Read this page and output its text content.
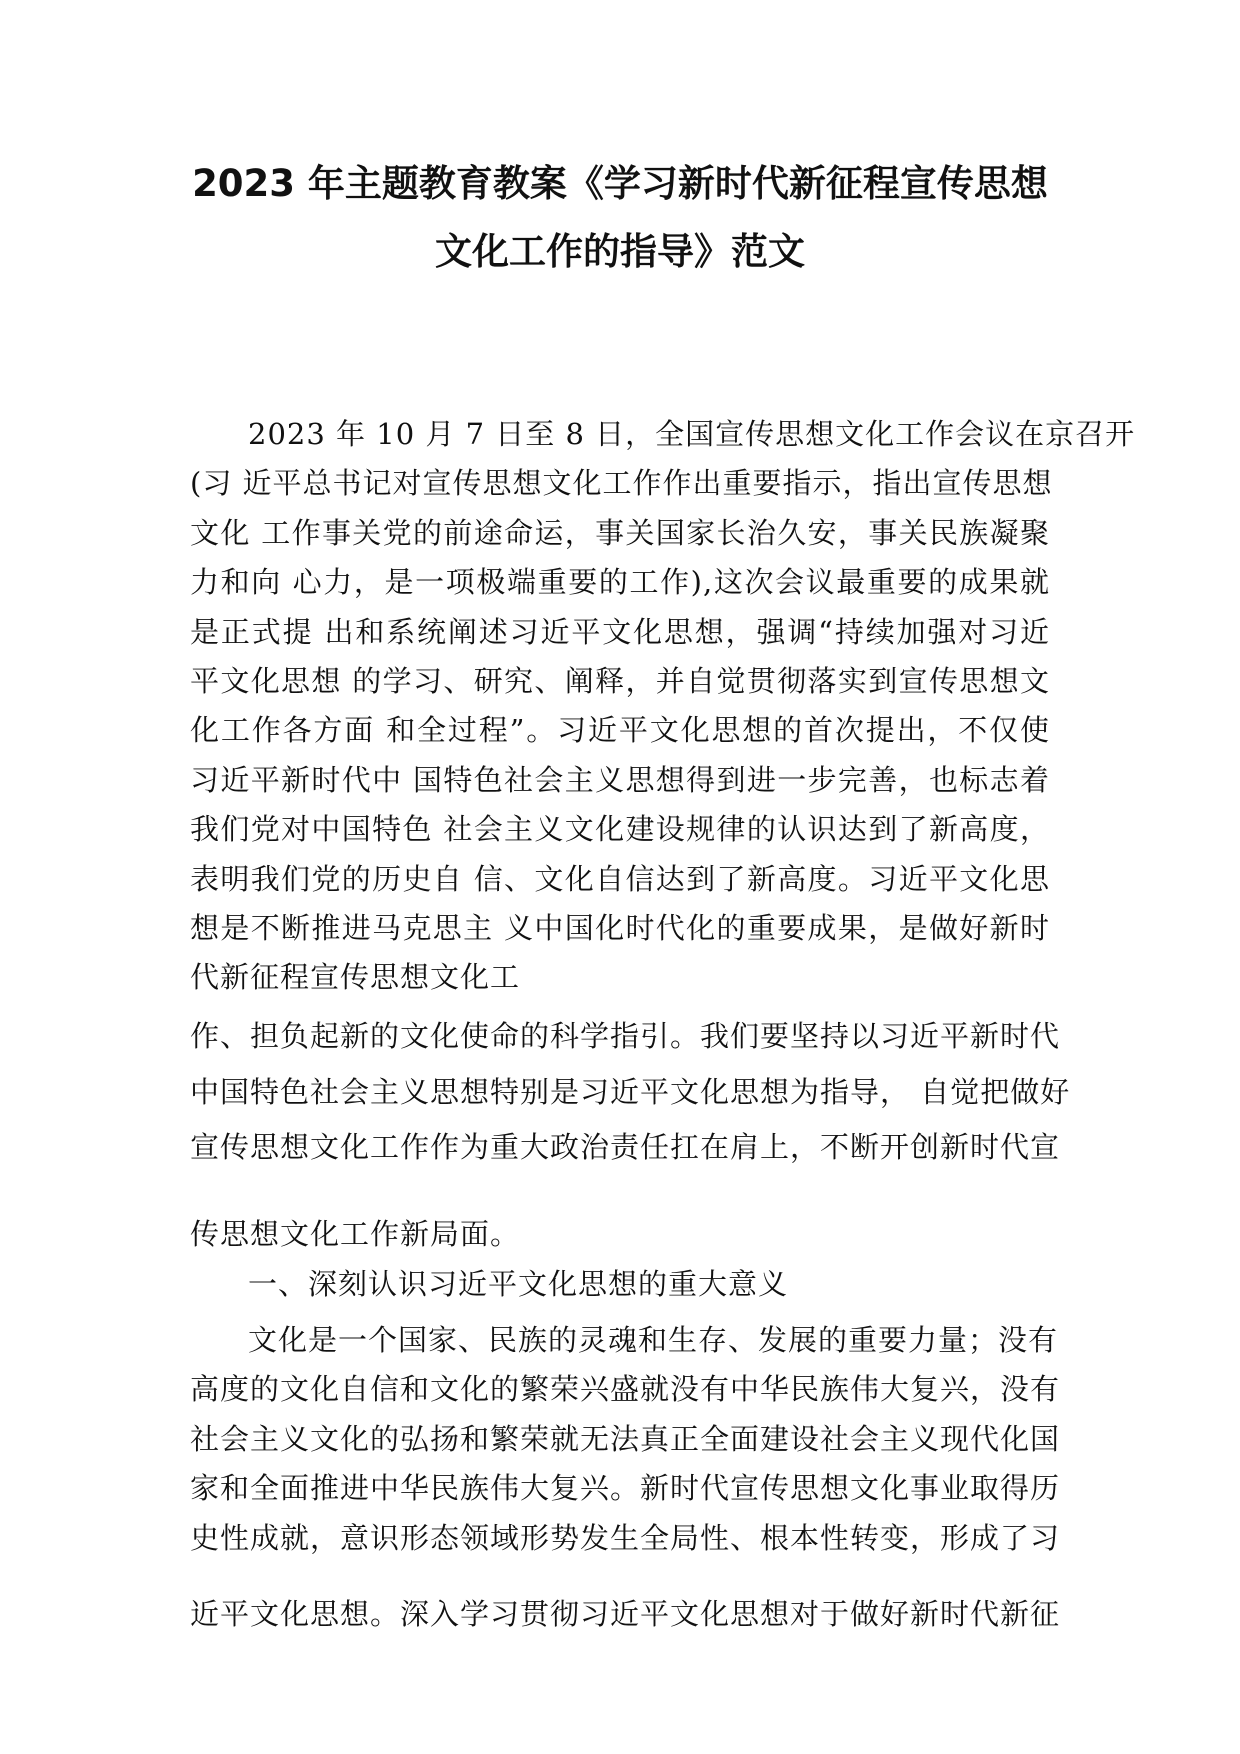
2023 年主题教育教案《学习新时代新征程宣传思想
文化工作的指导》范文
2023 年 10 月 7 日至 8 日，全国宣传思想文化工作会议在京召开
(习 近平总书记对宣传思想文化工作作出重要指示，指出宣传思想
文化 工作事关党的前途命运，事关国家长治久安，事关民族凝聚
力和向 心力，是一项极端重要的工作),这次会议最重要的成果就
是正式提 出和系统阐述习近平文化思想，强调“持续加强对习近
平文化思想 的学习、研究、阐释，并自觉贯彻落实到宣传思想文
化工作各方面 和全过程”。习近平文化思想的首次提出，不仅使
习近平新时代中 国特色社会主义思想得到进一步完善，也标志着
我们党对中国特色 社会主义文化建设规律的认识达到了新高度，
表明我们党的历史自 信、文化自信达到了新高度。习近平文化思
想是不断推进马克思主 义中国化时代化的重要成果，是做好新时
代新征程宣传思想文化工
作、担负起新的文化使命的科学指引。我们要坚持以习近平新时代
中国特色社会主义思想特别是习近平文化思想为指导， 自觉把做好
宣传思想文化工作作为重大政治责任扛在肩上，不断开创新时代宣
传思想文化工作新局面。
一、深刻认识习近平文化思想的重大意义
文化是一个国家、民族的灵魂和生存、发展的重要力量；没有
高度的文化自信和文化的繁荣兴盛就没有中华民族伟大复兴，没有
社会主义文化的弘扬和繁荣就无法真正全面建设社会主义现代化国
家和全面推进中华民族伟大复兴。新时代宣传思想文化事业取得历
史性成就，意识形态领域形势发生全局性、根本性转变，形成了习
近平文化思想。深入学习贯彻习近平文化思想对于做好新时代新征
